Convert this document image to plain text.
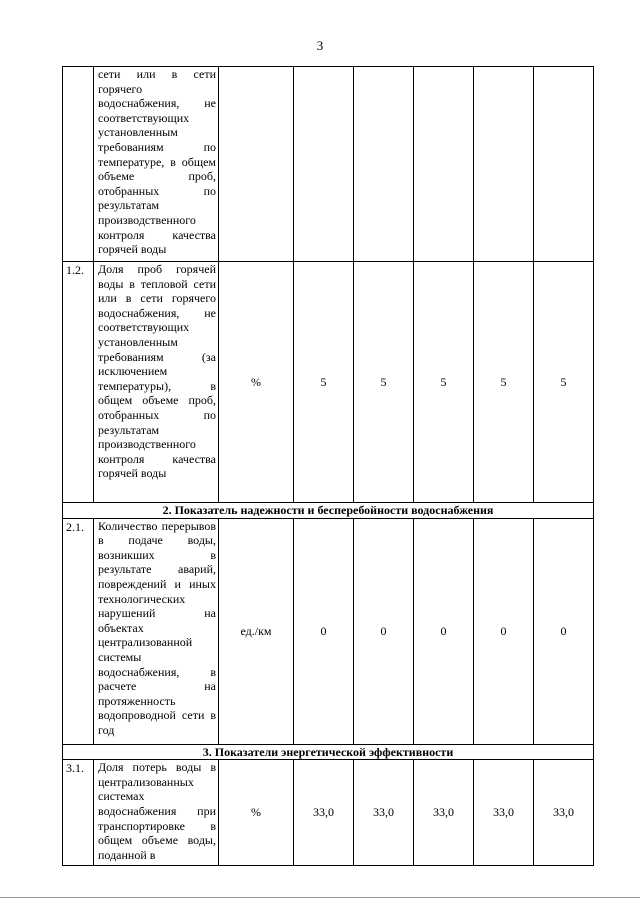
3
	сети или в сети горячего водоснабжения, не соответствующих установленным требованиям по температуре, в общем объеме проб, отобранных по результатам производственного контроля качества горячей воды						
1.2.	Доля проб горячей воды в тепловой сети или в сети горячего водоснабжения, не соответствующих установленным требованиям (за исключением температуры), в общем объеме проб, отобранных по результатам производственного контроля качества горячей воды	%	5	5	5	5	5
2. Показатель надежности и бесперебойности водоснабжения							
2.1.	Количество перерывов в подаче воды, возникших в результате аварий, повреждений и иных технологических нарушений на объектах централизованной системы водоснабжения, в расчете на протяженность водопроводной сети в год	ед./км	0	0	0	0	0
3. Показатели энергетической эффективности							
3.1.	Доля потерь воды в централизованных системах водоснабжения при транспортировке в общем объеме воды, поданной в	%	33,0	33,0	33,0	33,0	33,0
